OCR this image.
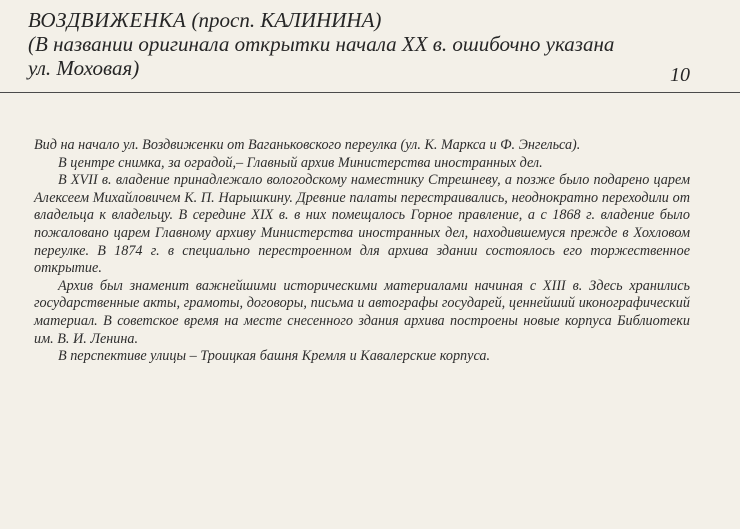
ВОЗДВИЖЕНКА (просп. КАЛИНИНА)
(В названии оригинала открытки начала XX в. ошибочно указана
ул. Моховая)	10

Вид на начало ул. Воздвиженки от Ваганьковского переулка (ул. К. Маркса и Ф. Энгельса).

В центре снимка, за оградой,– Главный архив Министерства иностранных дел.

В XVII в. владение принадлежало вологодскому наместнику Стрешневу, а позже было подарено царем Алексеем Михайловичем К. П. Нарышкину. Древние палаты перестраивались, неоднократно переходили от владельца к владельцу. В середине XIX в. в них помещалось Горное правление, а с 1868 г. владение было пожаловано царем Главному архиву Министерства иностранных дел, находившемуся прежде в Хохловом переулке. В 1874 г. в специально перестроенном для архива здании состоялось его торжественное открытие.

Архив был знаменит важнейшими историческими материалами начиная с XIII в. Здесь хранились государственные акты, грамоты, договоры, письма и автографы государей, ценнейший иконографический материал. В советское время на месте снесенного здания архива построены новые корпуса Библиотеки им. В. И. Ленина.

В перспективе улицы – Троицкая башня Кремля и Кавалерские корпуса.
